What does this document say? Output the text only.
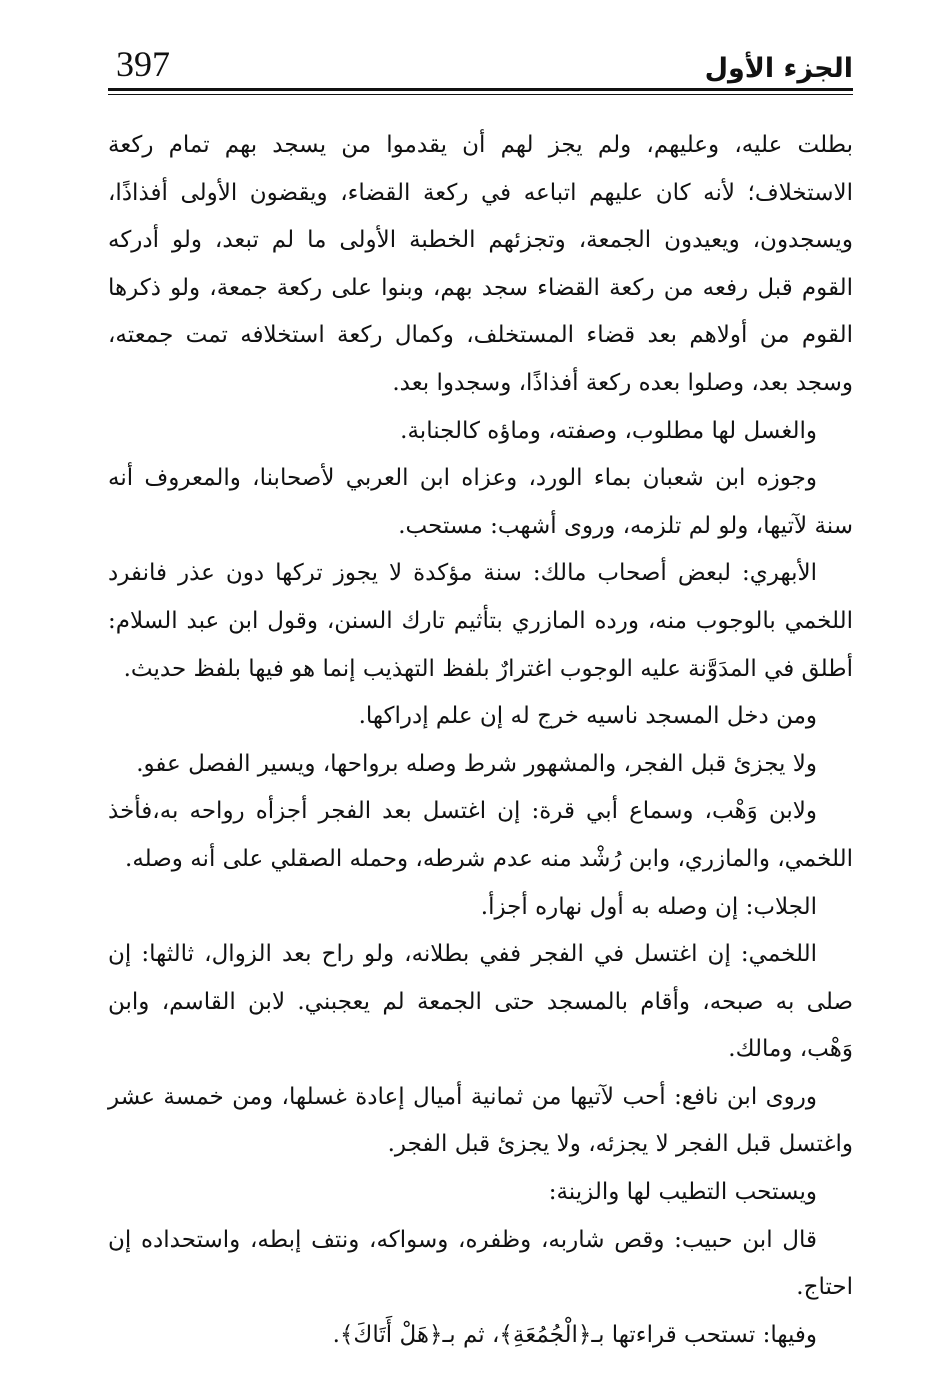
الجزء الأول
397

بطلت عليه، وعليهم، ولم يجز لهم أن يقدموا من يسجد بهم تمام ركعة الاستخلاف؛ لأنه كان عليهم اتباعه في ركعة القضاء، ويقضون الأولى أفذاذًا، ويسجدون، ويعيدون الجمعة، وتجزئهم الخطبة الأولى ما لم تبعد، ولو أدركه القوم قبل رفعه من ركعة القضاء سجد بهم، وبنوا على ركعة جمعة، ولو ذكرها القوم من أولاهم بعد قضاء المستخلف، وكمال ركعة استخلافه تمت جمعته، وسجد بعد، وصلوا بعده ركعة أفذاذًا، وسجدوا بعد.

والغسل لها مطلوب، وصفته، وماؤه كالجنابة.

وجوزه ابن شعبان بماء الورد، وعزاه ابن العربي لأصحابنا، والمعروف أنه سنة لآتيها، ولو لم تلزمه، وروى أشهب: مستحب.

الأبهري: لبعض أصحاب مالك: سنة مؤكدة لا يجوز تركها دون عذر فانفرد اللخمي بالوجوب منه، ورده المازري بتأثيم تارك السنن، وقول ابن عبد السلام: أطلق في المدَوَّنة عليه الوجوب اغترارٌ بلفظ التهذيب إنما هو فيها بلفظ حديث.

ومن دخل المسجد ناسيه خرج له إن علم إدراكها.

ولا يجزئ قبل الفجر، والمشهور شرط وصله برواحها، ويسير الفصل عفو.

ولابن وَهْب، وسماع أبي قرة: إن اغتسل بعد الفجر أجزأه رواحه به،فأخذ اللخمي، والمازري، وابن رُشْد منه عدم شرطه، وحمله الصقلي على أنه وصله.

الجلاب: إن وصله به أول نهاره أجزأ.

اللخمي: إن اغتسل في الفجر ففي بطلانه، ولو راح بعد الزوال، ثالثها: إن صلى به صبحه، وأقام بالمسجد حتى الجمعة لم يعجبني. لابن القاسم، وابن وَهْب، ومالك.

وروى ابن نافع: أحب لآتيها من ثمانية أميال إعادة غسلها، ومن خمسة عشر واغتسل قبل الفجر لا يجزئه، ولا يجزئ قبل الفجر.

ويستحب التطيب لها والزينة:

قال ابن حبيب: وقص شاربه، وظفره، وسواكه، ونتف إبطه، واستحداده إن احتاج.

وفيها: تستحب قراءتها بـ﴿الْجُمُعَةِ﴾، ثم بـ﴿هَلْ أَتَاكَ﴾.
